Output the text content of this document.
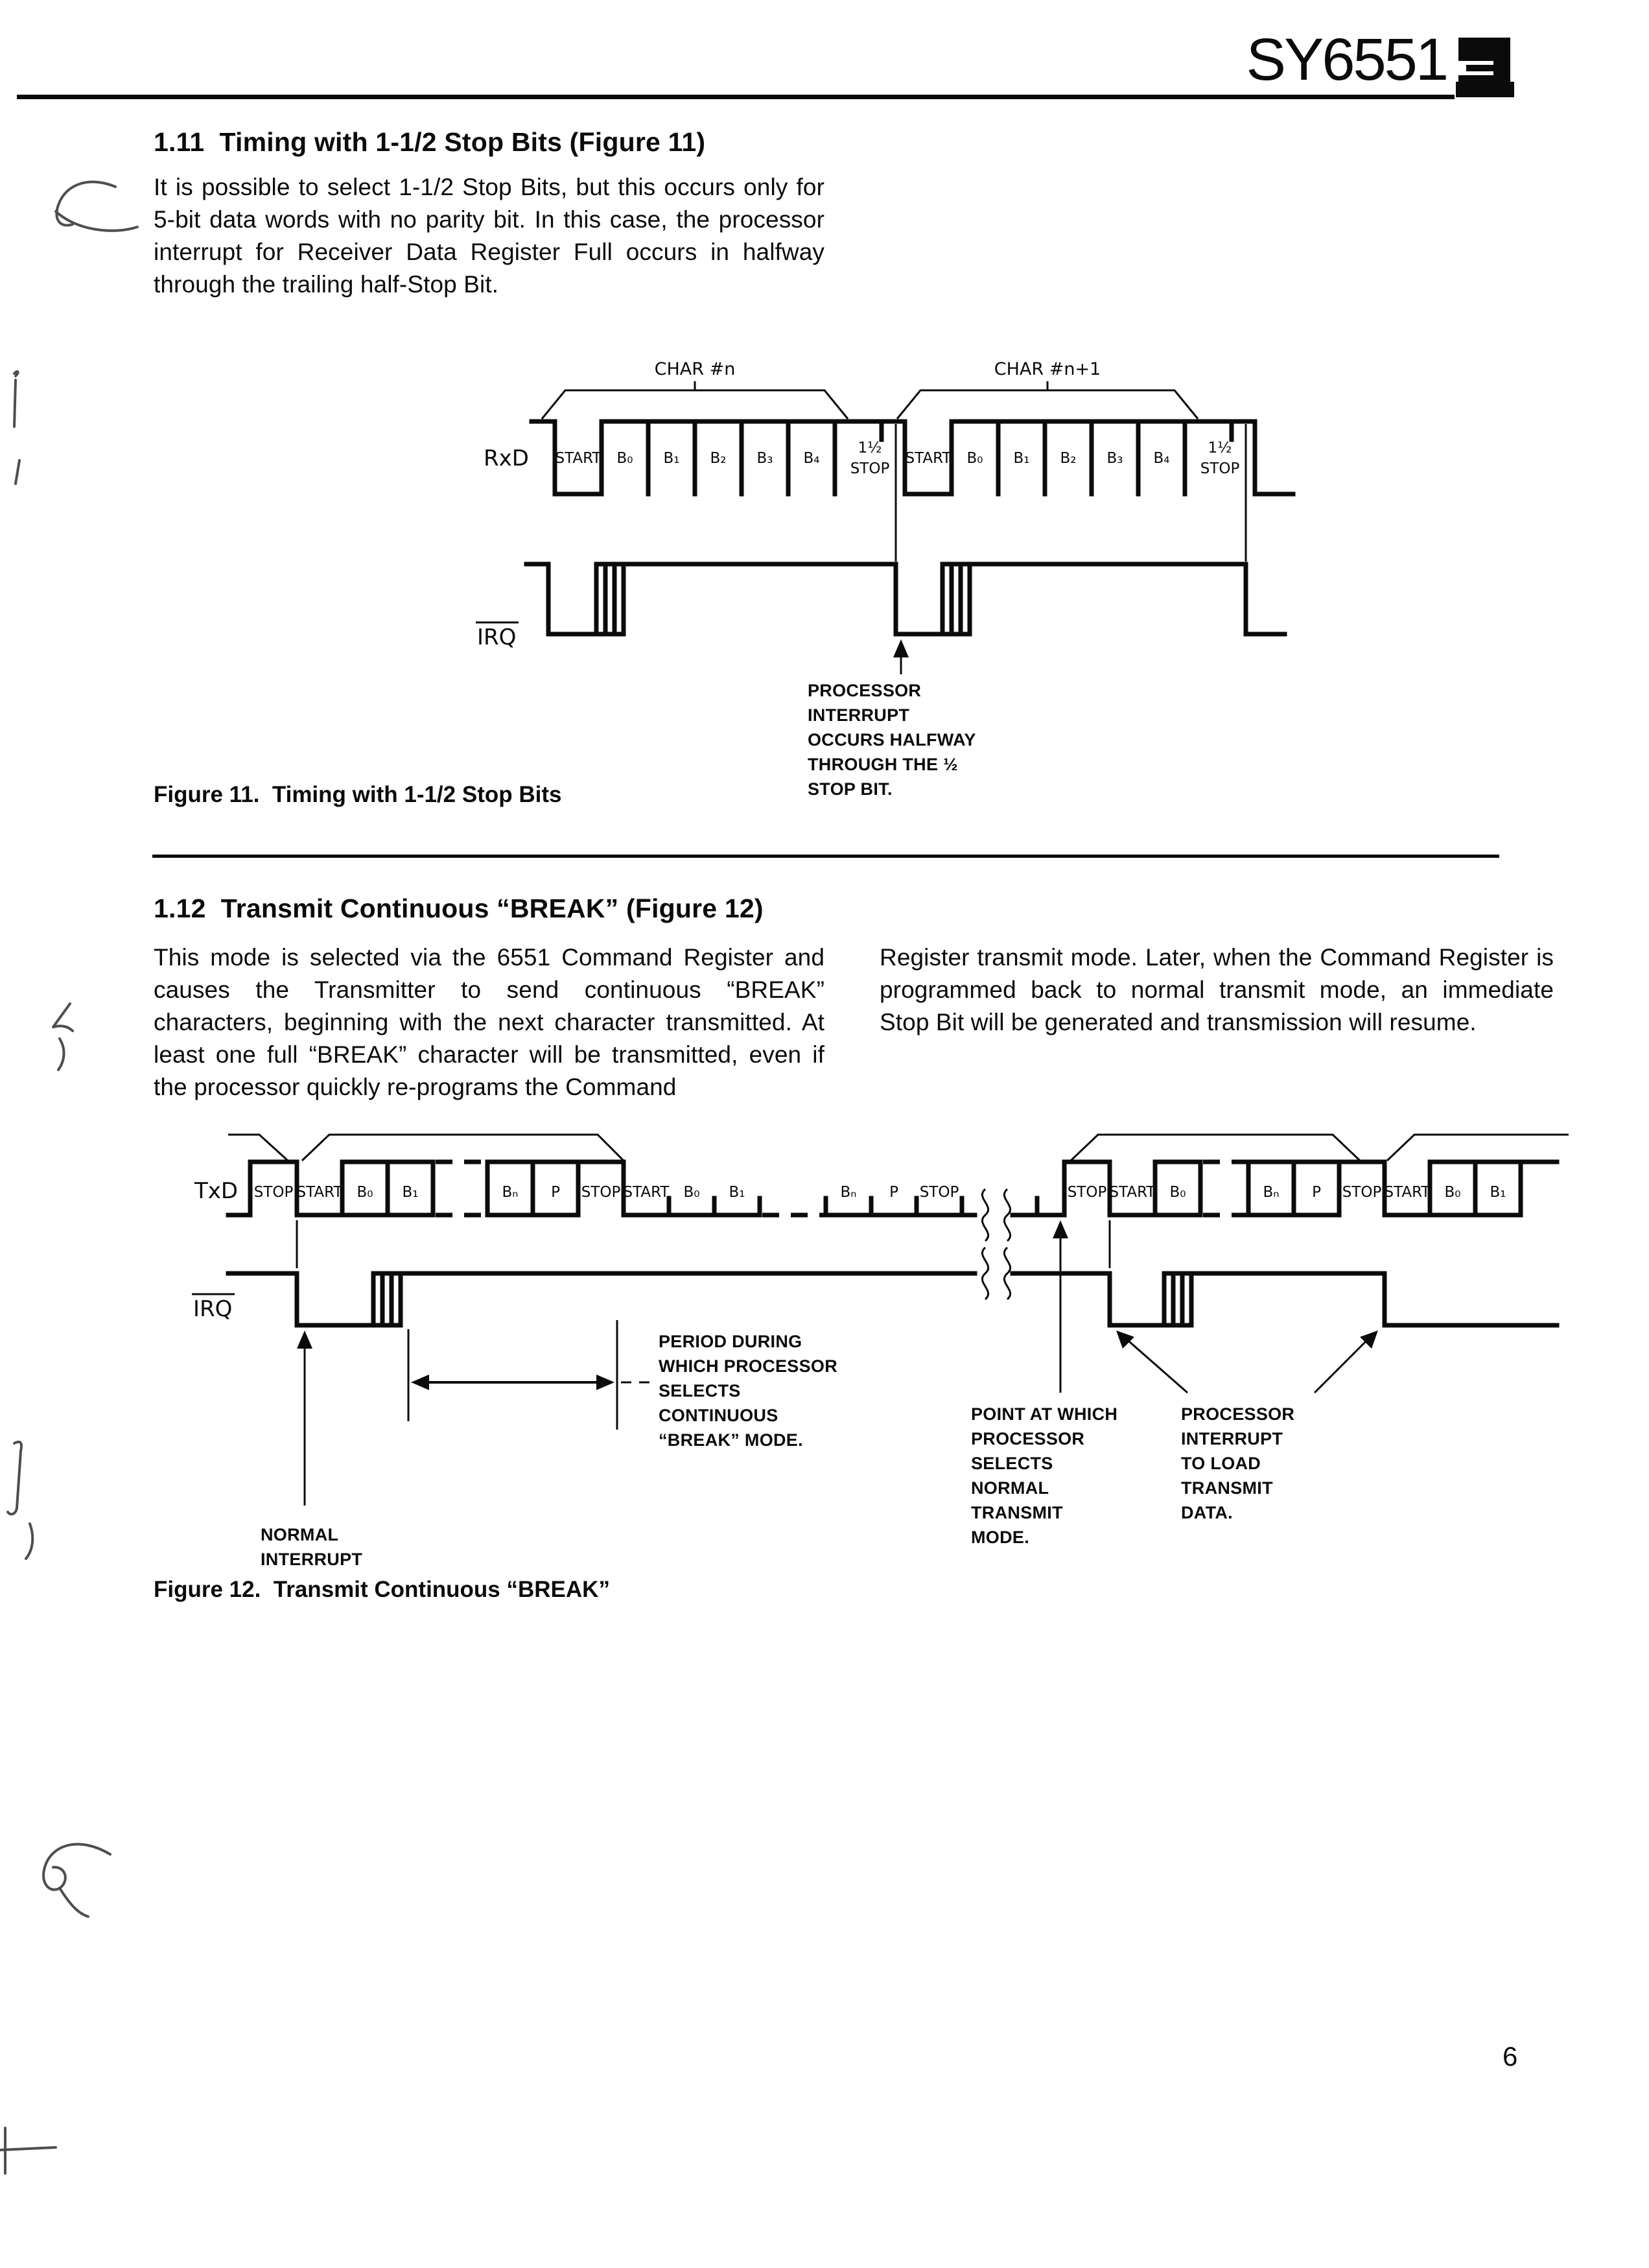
SY6551
1.11  Timing with 1-1/2 Stop Bits (Figure 11)
It is possible to select 1-1/2 Stop Bits, but this occurs only for 5-bit data words with no parity bit. In this case, the processor interrupt for Receiver Data Register Full occurs in halfway through the trailing half-Stop Bit.
CHAR #n	CHAR #n+1
RxD START B₀ B₁ B₂ B₃ B₄
1½
STOP
START B₀ B₁ B₂ B₃ B₄
1½
STOP
IRQ
PROCESSOR INTERRUPT
OCCURS HALFWAY
THROUGH THE ½
STOP BIT.
Figure 11.  Timing with 1-1/2 Stop Bits
1.12  Transmit Continuous “BREAK” (Figure 12)
This mode is selected via the 6551 Command Register and causes the Transmitter to send continuous “BREAK” characters, beginning with the next character transmitted. At least one full “BREAK” character will be transmitted, even if the processor quickly re-programs the Command
Register transmit mode. Later, when the Command Register is programmed back to normal transmit mode, an immediate Stop Bit will be generated and transmission will resume.
TxD STOP START B₀ B₁	Bₙ P STOP START B₀ B₁	Bₙ P STOP	STOP START B₀	Bₙ P STOP START B₀ B₁
IRQ
NORMAL
INTERRUPT
PERIOD DURING
WHICH PROCESSOR
SELECTS
CONTINUOUS
“BREAK” MODE.
POINT AT WHICH
PROCESSOR
SELECTS
NORMAL
TRANSMIT
MODE.
PROCESSOR
INTERRUPT
TO LOAD
TRANSMIT
DATA.
Figure 12.  Transmit Continuous “BREAK”
6
